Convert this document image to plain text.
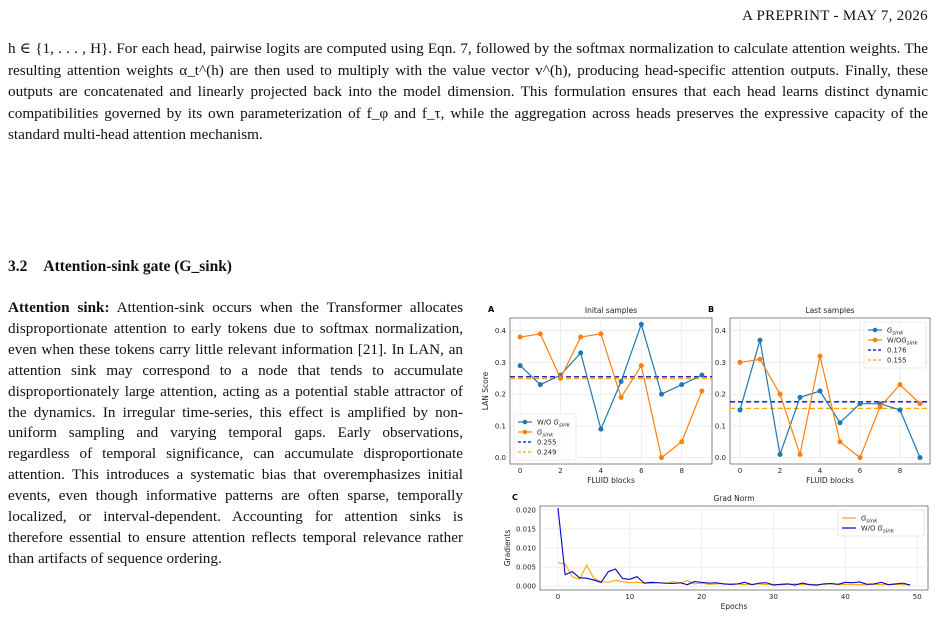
A PREPRINT - MAY 7, 2026

h ∈ {1, . . . , H}. For each head, pairwise logits are computed using Eqn. 7, followed by the softmax normalization to calculate attention weights. The resulting attention weights α_t^(h) are then used to multiply with the value vector v^(h), producing head-specific attention outputs. Finally, these outputs are concatenated and linearly projected back into the model dimension. This formulation ensures that each head learns distinct dynamic compatibilities governed by its own parameterization of f_φ and f_τ, while the aggregation across heads preserves the expressive capacity of the standard multi-head attention mechanism.

3.2 Attention-sink gate (G_sink)

Attention sink: Attention-sink occurs when the Transformer allocates disproportionate attention to early tokens due to softmax normalization, even when these tokens carry little relevant information [21]. In LAN, an attention sink may correspond to a node that tends to accumulate disproportionately large attention, acting as a potential stable attractor of the dynamics. In irregular time-series, this effect is amplified by non-uniform sampling and varying temporal gaps. Early observations, regardless of temporal significance, can accumulate disproportionate attention. This introduces a systematic bias that overemphasizes initial events, even though informative patterns are often sparse, temporally localized, or interval-dependent. Accounting for attention sinks is therefore essential to ensure attention reflects temporal relevance rather than artifacts of sequence ordering.

0	2	4	6	8
0.0
0.1
0.2
0.3
0.4
FLUID blocks
LAN Score
Inital samples
A
W/O $G_{sink}$
$G_{sink}$
0.255
0.249
0	2	4	6	8
0.0
0.1
0.2
0.3
0.4
FLUID blocks
Last samples
B
$G_{sink}$
$W/OG_{sink}$
0.176
0.155
0	10	20	30	40	50
0.000
0.005
0.010
0.015
0.020
Epochs
Gradients
Grad Norm
C
$G_{sink}$
W/O $G_{sink}$
